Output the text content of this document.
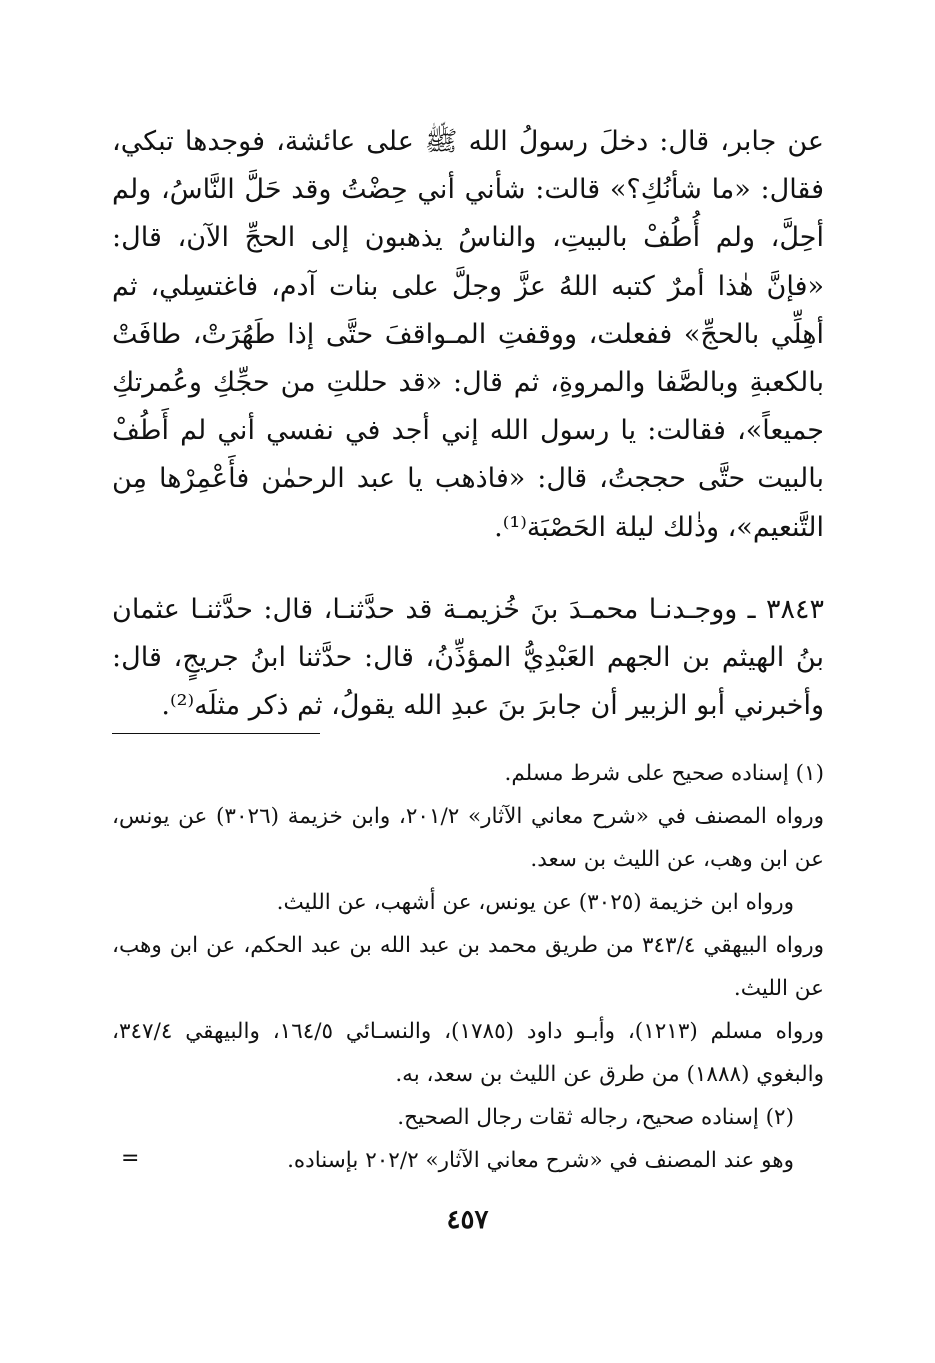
عن جابر، قال: دخلَ رسولُ الله ﷺ على عائشة، فوجدها تبكي، فقال: «ما شأنُكِ؟» قالت: شأني أني حِضْتُ وقد حَلَّ النَّاسُ، ولم أحِلَّ، ولم أُطُفْ بالبيتِ، والناسُ يذهبون إلى الحجِّ الآن، قال: «فإنَّ هٰذا أمرٌ كتبه اللهُ عزَّ وجلَّ على بنات آدم، فاغتسِلي، ثم أهِلِّي بالحجِّ» ففعلت، ووقفتِ المـواقفَ حتَّى إذا طَهُرَتْ، طافَتْ بالكعبةِ وبالصَّفا والمروةِ، ثم قال: «قد حللتِ من حجِّكِ وعُمرتكِ جميعاً»، فقالت: يا رسول الله إني أجد في نفسي أني لم أَطُفْ بالبيت حتَّى حججتُ، قال: «فاذهب يا عبد الرحمٰن فأَعْمِرْها مِن التَّنعيم»، وذٰلك ليلة الحَصْبَة⁽¹⁾.

٣٨٤٣ ـ ووجـدنـا محمـدَ بنَ خُزيمـة قد حدَّثنـا، قال: حدَّثنـا عثمان بنُ الهيثم بن الجهم العَبْدِيُّ المؤذِّنُ، قال: حدَّثنا ابنُ جريجٍ، قال: وأخبرني أبو الزبير أن جابرَ بنَ عبدِ الله يقولُ، ثم ذكر مثلَه⁽²⁾.

(١) إسناده صحيح على شرط مسلم.

ورواه المصنف في «شرح معاني الآثار» ٢٠١/٢، وابن خزيمة (٣٠٢٦) عن يونس، عن ابن وهب، عن الليث بن سعد.

ورواه ابن خزيمة (٣٠٢٥) عن يونس، عن أشهب، عن الليث.

ورواه البيهقي ٣٤٣/٤ من طريق محمد بن عبد الله بن عبد الحكم، عن ابن وهب، عن الليث.

ورواه مسلم (١٢١٣)، وأبـو داود (١٧٨٥)، والنسـائي ١٦٤/٥، والبيهقي ٣٤٧/٤، والبغوي (١٨٨٨) من طرق عن الليث بن سعد، به.

(٢) إسناده صحيح، رجاله ثقات رجال الصحيح.

وهو عند المصنف في «شرح معاني الآثار» ٢٠٢/٢ بإسناده.

=
٤٥٧
